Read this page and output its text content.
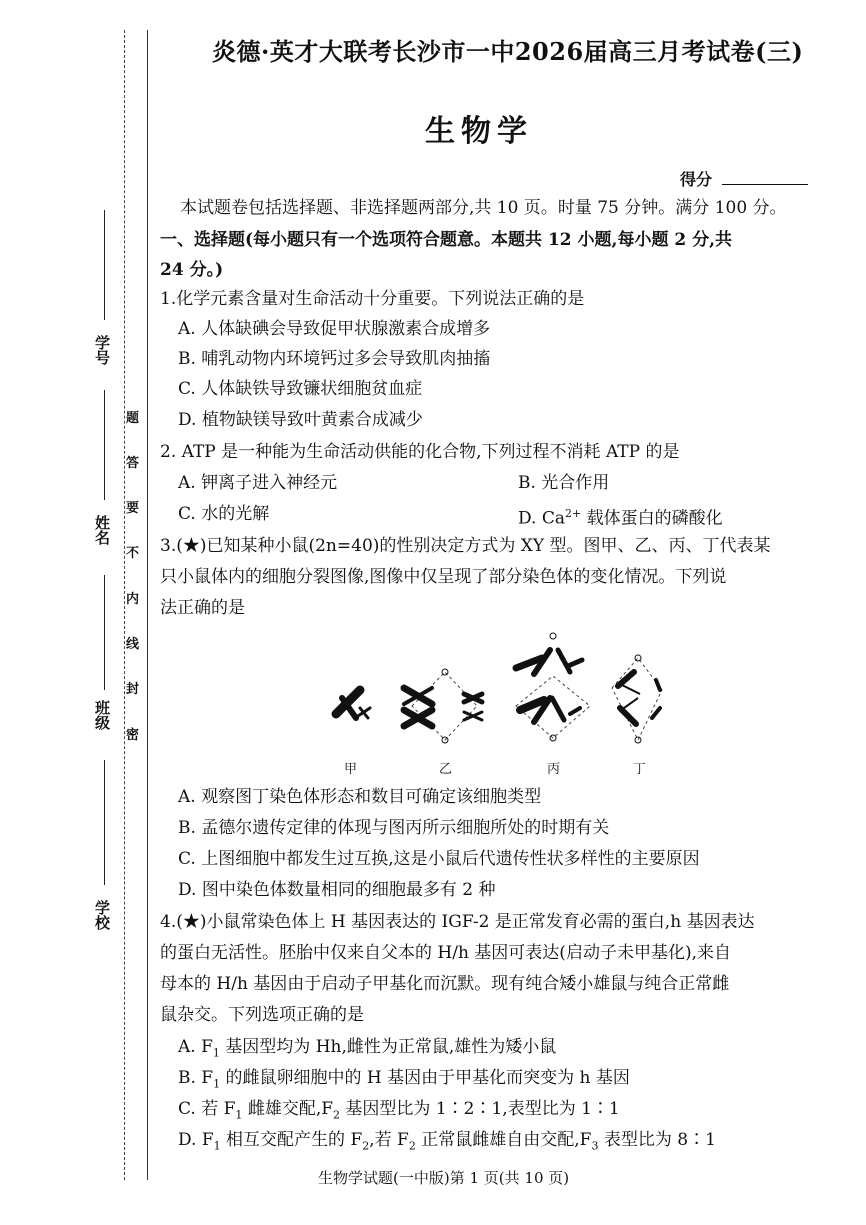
学号
姓名
班级
学校
题
答
要
不
内
线
封
密
炎德·英才大联考长沙市一中2026届高三月考试卷(三)
生物学
得分
本试题卷包括选择题、非选择题两部分,共 10 页。时量 75 分钟。满分 100 分。
一、选择题(每小题只有一个选项符合题意。本题共 12 小题,每小题 2 分,共
24 分。)
1.化学元素含量对生命活动十分重要。下列说法正确的是
A. 人体缺碘会导致促甲状腺激素合成增多
B. 哺乳动物内环境钙过多会导致肌肉抽搐
C. 人体缺铁导致镰状细胞贫血症
D. 植物缺镁导致叶黄素合成减少
2. ATP 是一种能为生命活动供能的化合物,下列过程不消耗 ATP 的是
A. 钾离子进入神经元	B. 光合作用
C. 水的光解	D. $Ca^{2+}$ 载体蛋白的磷酸化
3.(★)已知某种小鼠(2n=40)的性别决定方式为 XY 型。图甲、乙、丙、丁代表某
只小鼠体内的细胞分裂图像,图像中仅呈现了部分染色体的变化情况。下列说
法正确的是
甲	乙	丙	丁
A. 观察图丁染色体形态和数目可确定该细胞类型
B. 孟德尔遗传定律的体现与图丙所示细胞所处的时期有关
C. 上图细胞中都发生过互换,这是小鼠后代遗传性状多样性的主要原因
D. 图中染色体数量相同的细胞最多有 2 种
4.(★)小鼠常染色体上 H 基因表达的 IGF-2 是正常发育必需的蛋白,h 基因表达
的蛋白无活性。胚胎中仅来自父本的 H/h 基因可表达(启动子未甲基化),来自
母本的 H/h 基因由于启动子甲基化而沉默。现有纯合矮小雄鼠与纯合正常雌
鼠杂交。下列选项正确的是
A. $F_1$ 基因型均为 Hh,雌性为正常鼠,雄性为矮小鼠
B. $F_1$ 的雌鼠卵细胞中的 H 基因由于甲基化而突变为 h 基因
C. 若 $F_1$ 雌雄交配$,F_2$ 基因型比为 1∶2∶1,表型比为 1∶1
D. $F_1$ 相互交配产生的 $F_2$,若 $F_2$ 正常鼠雌雄自由交配$,F_3$ 表型比为 8∶1
生物学试题(一中版)第 1 页(共 10 页)
